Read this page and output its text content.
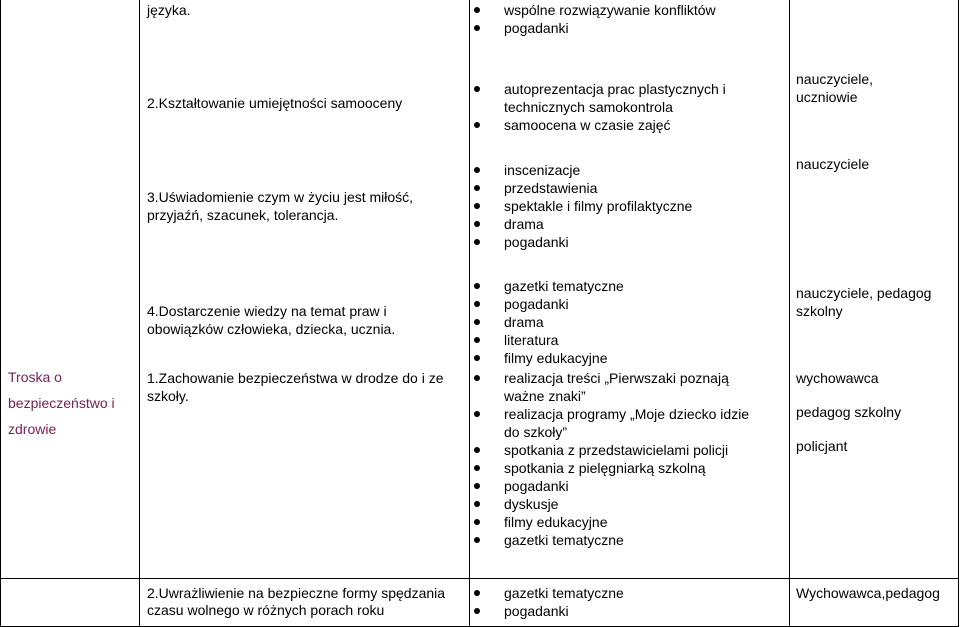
Troska o
bezpieczeństwo i
zdrowie
języka.
2.Kształtowanie umiejętności samooceny
3.Uświadomienie czym w życiu jest miłość,
przyjaźń, szacunek, tolerancja.
4.Dostarczenie wiedzy na temat praw i
obowiązków człowieka, dziecka, ucznia.
1.Zachowanie bezpieczeństwa w drodze do i ze
szkoły.
2.Uwrażliwienie na bezpieczne formy spędzania
czasu wolnego w różnych porach roku
wspólne rozwiązywanie konfliktów
pogadanki
autoprezentacja prac plastycznych i
technicznych samokontrola
samoocena w czasie zajęć
inscenizacje
przedstawienia
spektakle i filmy profilaktyczne
drama
pogadanki
gazetki tematyczne
pogadanki
drama
literatura
filmy edukacyjne
realizacja treści „Pierwszaki poznają
ważne znaki”
realizacja programy „Moje dziecko idzie
do szkoły”
spotkania z przedstawicielami policji
spotkania z pielęgniarką szkolną
pogadanki
dyskusje
filmy edukacyjne
gazetki tematyczne
gazetki tematyczne
pogadanki
nauczyciele,
uczniowie
nauczyciele
nauczyciele, pedagog
szkolny
wychowawca
pedagog szkolny
policjant
Wychowawca,pedagog
